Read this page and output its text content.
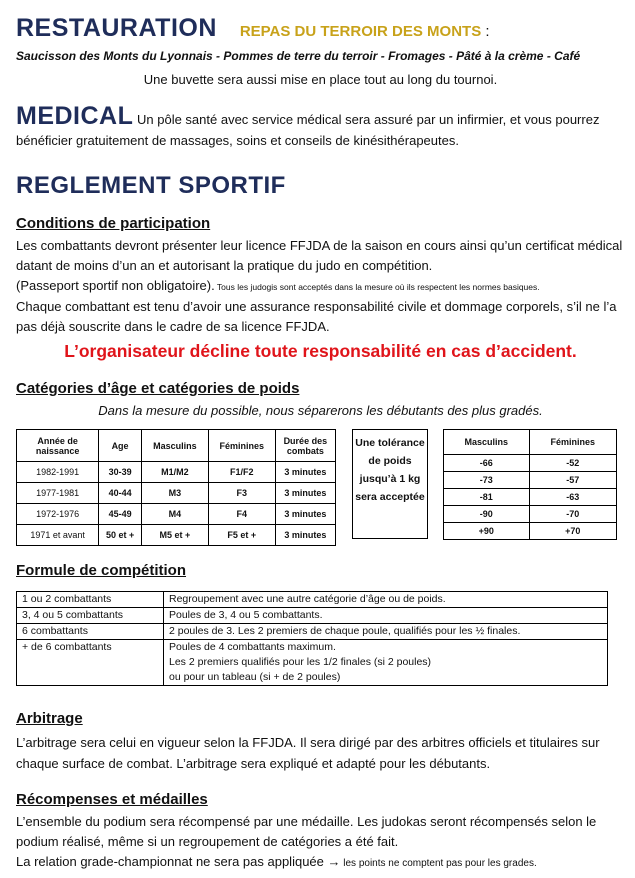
RESTAURATION REPAS DU TERROIR DES MONTS :
Saucisson des Monts du Lyonnais - Pommes de terre du terroir - Fromages - Pâté à la crème - Café
Une buvette sera aussi mise en place tout au long du tournoi.
MEDICAL Un pôle santé avec service médical sera assuré par un infirmier, et vous pourrez bénéficier gratuitement de massages, soins et conseils de kinésithérapeutes.
REGLEMENT SPORTIF
Conditions de participation
Les combattants devront présenter leur licence FFJDA de la saison en cours ainsi qu’un certificat médical datant de moins d’un an et autorisant la pratique du judo en compétition.
(Passeport sportif non obligatoire). Tous les judogis sont acceptés dans la mesure où ils respectent les normes basiques.
Chaque combattant est tenu d’avoir une assurance responsabilité civile et dommage corporels, s’il ne l’a pas déjà souscrite dans le cadre de sa licence FFJDA.
L’organisateur décline toute responsabilité en cas d’accident.
Catégories d’âge et catégories de poids
Dans la mesure du possible, nous séparerons les débutants des plus gradés.
Année de naissance	Age	Masculins	Féminines	Durée des combats
1982-1991	30-39	M1/M2	F1/F2	3 minutes
1977-1981	40-44	M3	F3	3 minutes
1972-1976	45-49	M4	F4	3 minutes
1971 et avant	50 et +	M5 et +	F5 et +	3 minutes
Une tolérance de poids jusqu’à 1 kg sera acceptée
Masculins	Féminines
-66	-52
-73	-57
-81	-63
-90	-70
+90	+70
Formule de compétition
1 ou 2 combattants	Regroupement avec une autre catégorie d’âge ou de poids.
3, 4 ou 5 combattants	Poules de 3, 4 ou 5 combattants.
6 combattants	2 poules de 3. Les 2 premiers de chaque poule, qualifiés pour les ½ finales.
+ de 6 combattants	Poules de 4 combattants maximum.
Les 2 premiers qualifiés pour les 1/2 finales (si 2 poules)
ou pour un tableau (si + de 2 poules)
Arbitrage
L’arbitrage sera celui en vigueur selon la FFJDA. Il sera dirigé par des arbitres officiels et titulaires sur chaque surface de combat. L’arbitrage sera expliqué et adapté pour les débutants.
Récompenses et médailles
L’ensemble du podium sera récompensé par une médaille. Les judokas seront récompensés selon le podium réalisé, même si un regroupement de catégories a été fait.
La relation grade-championnat ne sera pas appliquée → les points ne comptent pas pour les grades.
